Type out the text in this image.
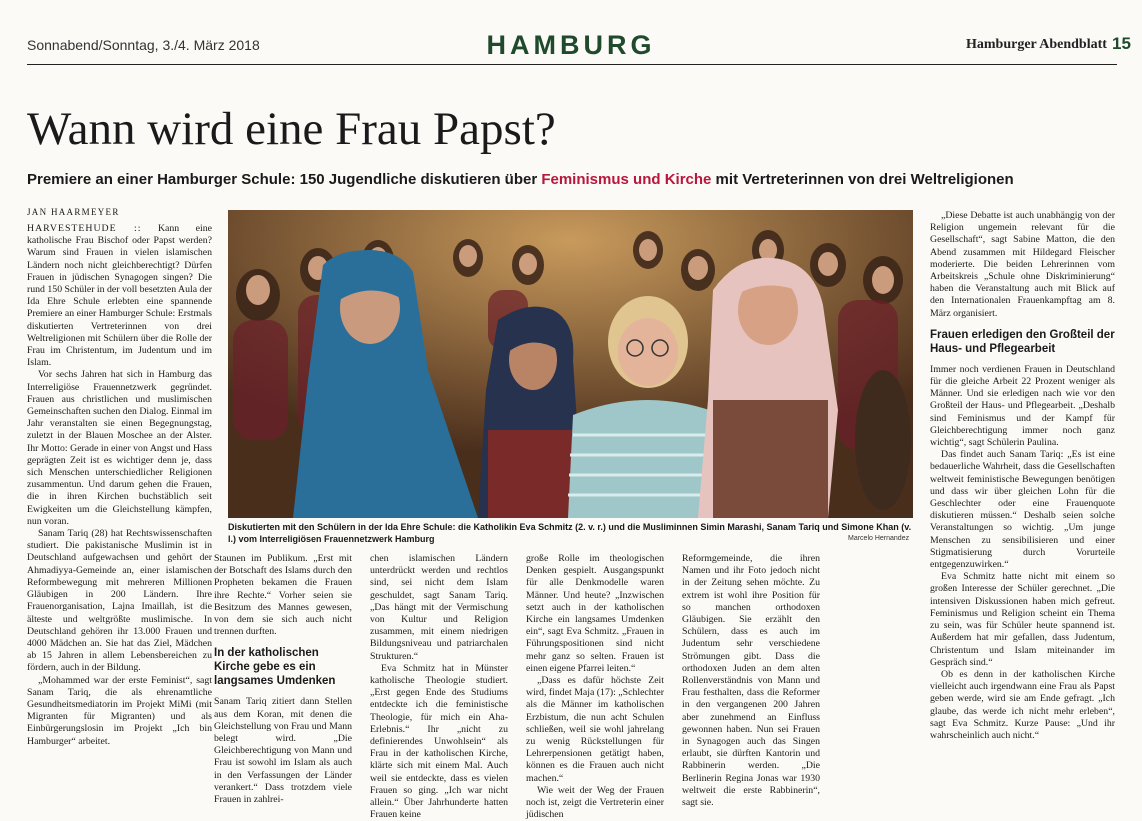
Sonnabend/Sonntag, 3./4. März 2018	HAMBURG	Hamburger Abendblatt 15
Wann wird eine Frau Papst?
Premiere an einer Hamburger Schule: 150 Jugendliche diskutieren über Feminismus und Kirche mit Vertreterinnen von drei Weltreligionen
JAN HAARMEYER
Diskutierten mit den Schülern in der Ida Ehre Schule: die Katholikin Eva Schmitz (2. v. r.) und die Musliminnen Simin Marashi, Sanam Tariq und Simone Khan (v. l.) vom Interreligiösen Frauennetzwerk Hamburg	Marcelo Hernandez

HARVESTEHUDE :: Kann eine katholische Frau Bischof oder Papst werden? Warum sind Frauen in vielen islamischen Ländern noch nicht gleichberechtigt? Dürfen Frauen in jüdischen Synagogen singen? Die rund 150 Schüler in der voll besetzten Aula der Ida Ehre Schule erlebten eine spannende Premiere an einer Hamburger Schule: Erstmals diskutierten Vertreterinnen von drei Weltreligionen mit Schülern über die Rolle der Frau im Christentum, im Judentum und im Islam.

Vor sechs Jahren hat sich in Hamburg das Interreligiöse Frauennetzwerk gegründet. Frauen aus christlichen und muslimischen Gemeinschaften suchen den Dialog. Einmal im Jahr veranstalten sie einen Begegnungstag, zuletzt in der Blauen Moschee an der Alster. Ihr Motto: Gerade in einer von Angst und Hass geprägten Zeit ist es wichtiger denn je, dass sich Menschen unterschiedlicher Religionen zusammentun. Und darum gehen die Frauen, die in ihren Kirchen buchstäblich seit Ewigkeiten um die Gleichstellung kämpfen, nun voran.

Sanam Tariq (28) hat Rechtswissenschaften studiert. Die pakistanische Muslimin ist in Deutschland aufgewachsen und gehört der Ahmadiyya-Gemeinde an, einer islamischen Reformbewegung mit mehreren Millionen Gläubigen in 200 Ländern. Ihre Frauenorganisation, Lajna Imaillah, ist die älteste und weltgrößte muslimische. In Deutschland gehören ihr 13.000 Frauen und 4000 Mädchen an. Sie hat das Ziel, Mädchen ab 15 Jahren in allem Lebensbereichen zu fördern, auch in der Bildung.

„Mohammed war der erste Feminist“, sagt Sanam Tariq, die als ehrenamtliche Gesundheitsmediatorin im Projekt MiMi (mit Migranten für Migranten) und als Einbürgerungslosin im Projekt „Ich bin Hamburger“ arbeitet.

Staunen im Publikum. „Erst mit der Botschaft des Islams durch den Propheten bekamen die Frauen ihre Rechte.“ Vorher seien sie Besitzum des Mannes gewesen, von dem sie sich auch nicht trennen durften.

In der katholischen Kirche gebe es ein langsames Umdenken

Sanam Tariq zitiert dann Stellen aus dem Koran, mit denen die Gleichstellung von Frau und Mann belegt wird. „Die Gleichberechtigung von Mann und Frau ist sowohl im Islam als auch in den Verfassungen der Länder verankert.“ Dass trotzdem viele Frauen in zahlrei-

chen islamischen Ländern unterdrückt werden und rechtlos sind, sei nicht dem Islam geschuldet, sagt Sanam Tariq. „Das hängt mit der Vermischung von Kultur und Religion zusammen, mit einem niedrigen Bildungsniveau und patriarchalen Strukturen.“

Eva Schmitz hat in Münster katholische Theologie studiert. „Erst gegen Ende des Studiums entdeckte ich die feministische Theologie, für mich ein Aha-Erlebnis.“ Ihr „nicht zu definierendes Unwohlsein“ als Frau in der katholischen Kirche, klärte sich mit einem Mal. Auch weil sie entdeckte, dass es vielen Frauen so ging. „Ich war nicht allein.“ Über Jahrhunderte hatten Frauen keine

große Rolle im theologischen Denken gespielt. Ausgangspunkt für alle Denkmodelle waren Männer. Und heute? „Inzwischen setzt auch in der katholischen Kirche ein langsames Umdenken ein“, sagt Eva Schmitz. „Frauen in Führungspositionen sind nicht mehr ganz so selten. Frauen ist einen eigene Pfarrei leiten.“

„Dass es dafür höchste Zeit wird, findet Maja (17): „Schlechter als die Männer im katholischen Erzbistum, die nun acht Schulen schließen, weil sie wohl jahrelang zu wenig Rückstellungen für Lehrerpensionen getätigt haben, können es die Frauen auch nicht machen.“

Wie weit der Weg der Frauen noch ist, zeigt die Vertreterin einer jüdischen

Reformgemeinde, die ihren Namen und ihr Foto jedoch nicht in der Zeitung sehen möchte. Zu extrem ist wohl ihre Position für so manchen orthodoxen Gläubigen. Sie erzählt den Schülern, dass es auch im Judentum sehr verschiedene Strömungen gibt. Dass die orthodoxen Juden an dem alten Rollenverständnis von Mann und Frau festhalten, dass die Reformer in den vergangenen 200 Jahren aber zunehmend an Einfluss gewonnen haben. Nun sei Frauen in Synagogen auch das Singen erlaubt, sie dürften Kantorin und Rabbinerin werden. „Die Berlinerin Regina Jonas war 1930 weltweit die erste Rabbinerin“, sagt sie.

„Diese Debatte ist auch unabhängig von der Religion ungemein relevant für die Gesellschaft“, sagt Sabine Matton, die den Abend zusammen mit Hildegard Fleischer moderierte. Die beiden Lehrerinnen vom Arbeitskreis „Schule ohne Diskriminierung“ haben die Veranstaltung auch mit Blick auf den Internationalen Frauenkampftag am 8. März organisiert.

Frauen erledigen den Großteil der Haus- und Pflegearbeit

Immer noch verdienen Frauen in Deutschland für die gleiche Arbeit 22 Prozent weniger als Männer. Und sie erledigen nach wie vor den Großteil der Haus- und Pflegearbeit. „Deshalb sind Feminismus und der Kampf für Gleichberechtigung immer noch ganz wichtig“, sagt Schülerin Paulina.

Das findet auch Sanam Tariq: „Es ist eine bedauerliche Wahrheit, dass die Gesellschaften weltweit feministische Bewegungen benötigen und dass wir über gleichen Lohn für die Geschlechter oder eine Frauenquote diskutieren müssen.“ Deshalb seien solche Veranstaltungen so wichtig. „Um junge Menschen zu sensibilisieren und einer Stigmatisierung durch Vorurteile entgegenzuwirken.“

Eva Schmitz hatte nicht mit einem so großen Interesse der Schüler gerechnet. „Die intensiven Diskussionen haben mich gefreut. Feminismus und Religion scheint ein Thema zu sein, was für Schüler heute spannend ist. Außerdem hat mir gefallen, dass Judentum, Christentum und Islam miteinander im Gespräch sind.“

Ob es denn in der katholischen Kirche vielleicht auch irgendwann eine Frau als Papst geben werde, wird sie am Ende gefragt. „Ich glaube, das werde ich nicht mehr erleben“, sagt Eva Schmitz. Kurze Pause: „Und ihr wahrscheinlich auch nicht.“
